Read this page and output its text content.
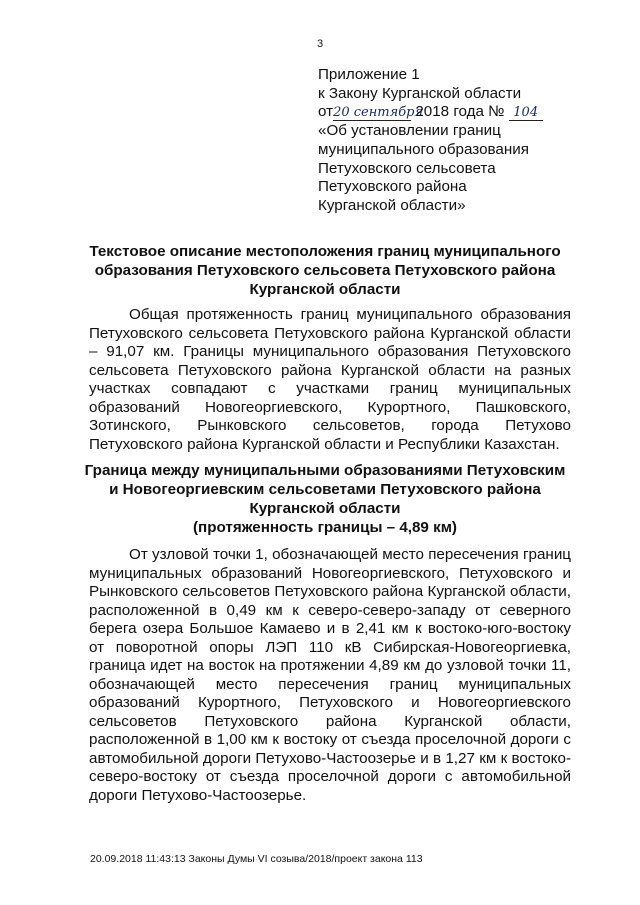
3
Приложение 1
к Закону Курганской области
от20 сентября 2018 года № 104
«Об установлении границ
муниципального образования
Петуховского сельсовета
Петуховского района
Курганской области»
Текстовое описание местоположения границ муниципального образования Петуховского сельсовета Петуховского района Курганской области
Общая протяженность границ муниципального образования Петуховского сельсовета Петуховского района Курганской области – 91,07 км. Границы муниципального образования Петуховского сельсовета Петуховского района Курганской области на разных участках совпадают с участками границ муниципальных образований Новогеоргиевского, Курортного, Пашковского, Зотинского, Рынковского сельсоветов, города Петухово Петуховского района Курганской области и Республики Казахстан.
Граница между муниципальными образованиями Петуховским и Новогеоргиевским сельсоветами Петуховского района Курганской области
(протяженность границы – 4,89 км)
От узловой точки 1, обозначающей место пересечения границ муниципальных образований Новогеоргиевского, Петуховского и Рынковского сельсоветов Петуховского района Курганской области, расположенной в 0,49 км к северо-северо-западу от северного берега озера Большое Камаево и в 2,41 км к востоко-юго-востоку от поворотной опоры ЛЭП 110 кВ Сибирская-Новогеоргиевка, граница идет на восток на протяжении 4,89 км до узловой точки 11, обозначающей место пересечения границ муниципальных образований Курортного, Петуховского и Новогеоргиевского сельсоветов Петуховского района Курганской области, расположенной в 1,00 км к востоку от съезда проселочной дороги с автомобильной дороги Петухово-Частоозерье и в 1,27 км к востоко-северо-востоку от съезда проселочной дороги с автомобильной дороги Петухово-Частоозерье.
20.09.2018 11:43:13 Законы Думы VI созыва/2018/проект закона 113
